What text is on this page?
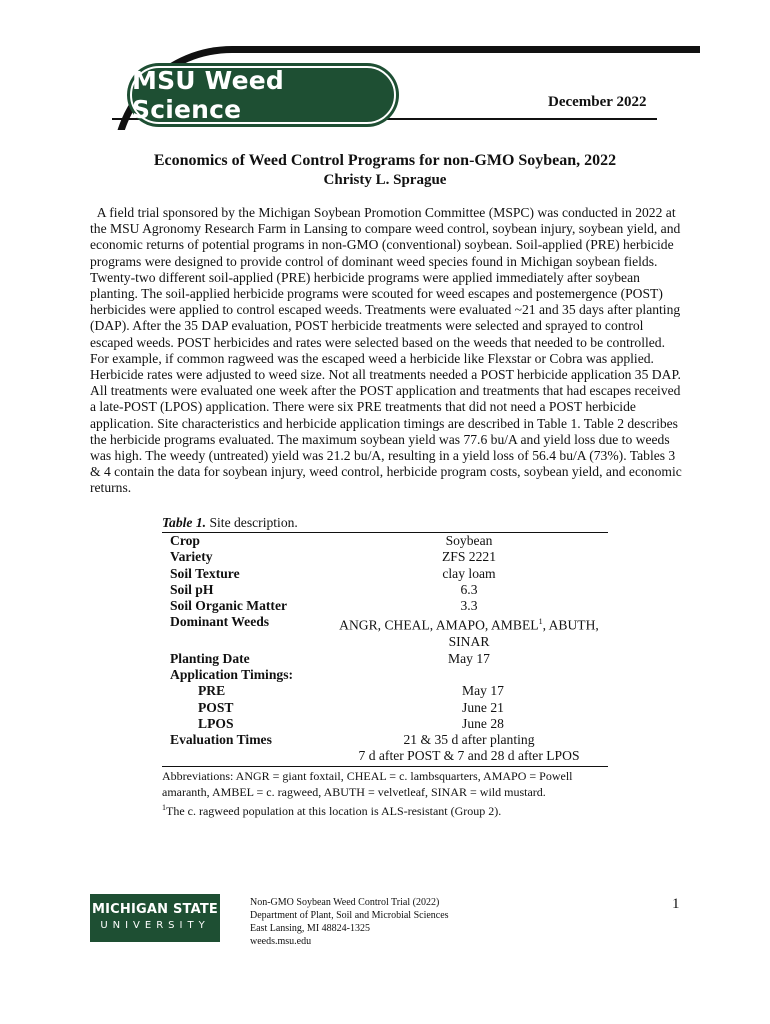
MSU Weed Science	December 2022
Economics of Weed Control Programs for non-GMO Soybean, 2022
Christy L. Sprague
A field trial sponsored by the Michigan Soybean Promotion Committee (MSPC) was conducted in 2022 at the MSU Agronomy Research Farm in Lansing to compare weed control, soybean injury, soybean yield, and economic returns of potential programs in non-GMO (conventional) soybean. Soil-applied (PRE) herbicide programs were designed to provide control of dominant weed species found in Michigan soybean fields. Twenty-two different soil-applied (PRE) herbicide programs were applied immediately after soybean planting. The soil-applied herbicide programs were scouted for weed escapes and postemergence (POST) herbicides were applied to control escaped weeds. Treatments were evaluated ~21 and 35 days after planting (DAP). After the 35 DAP evaluation, POST herbicide treatments were selected and sprayed to control escaped weeds. POST herbicides and rates were selected based on the weeds that needed to be controlled. For example, if common ragweed was the escaped weed a herbicide like Flexstar or Cobra was applied. Herbicide rates were adjusted to weed size. Not all treatments needed a POST herbicide application 35 DAP. All treatments were evaluated one week after the POST application and treatments that had escapes received a late-POST (LPOS) application. There were six PRE treatments that did not need a POST herbicide application. Site characteristics and herbicide application timings are described in Table 1. Table 2 describes the herbicide programs evaluated. The maximum soybean yield was 77.6 bu/A and yield loss due to weeds was high. The weedy (untreated) yield was 21.2 bu/A, resulting in a yield loss of 56.4 bu/A (73%). Tables 3 & 4 contain the data for soybean injury, weed control, herbicide program costs, soybean yield, and economic returns.
Table 1. Site description.
Crop	Soybean
Variety	ZFS 2221
Soil Texture	clay loam
Soil pH	6.3
Soil Organic Matter	3.3
Dominant Weeds	ANGR, CHEAL, AMAPO, AMBEL$^1$, ABUTH,
SINAR
Planting Date	May 17
Application Timings:
PRE	May 17
POST	June 21
LPOS	June 28
Evaluation Times	21 & 35 d after planting
7 d after POST & 7 and 28 d after LPOS
Abbreviations: ANGR = giant foxtail, CHEAL = c. lambsquarters, AMAPO = Powell amaranth, AMBEL = c. ragweed, ABUTH = velvetleaf, SINAR = wild mustard.
$^1$The c. ragweed population at this location is ALS-resistant (Group 2).
MICHIGAN STATE
UNIVERSITY
Non-GMO Soybean Weed Control Trial (2022)
Department of Plant, Soil and Microbial Sciences
East Lansing, MI 48824-1325
weeds.msu.edu
1
